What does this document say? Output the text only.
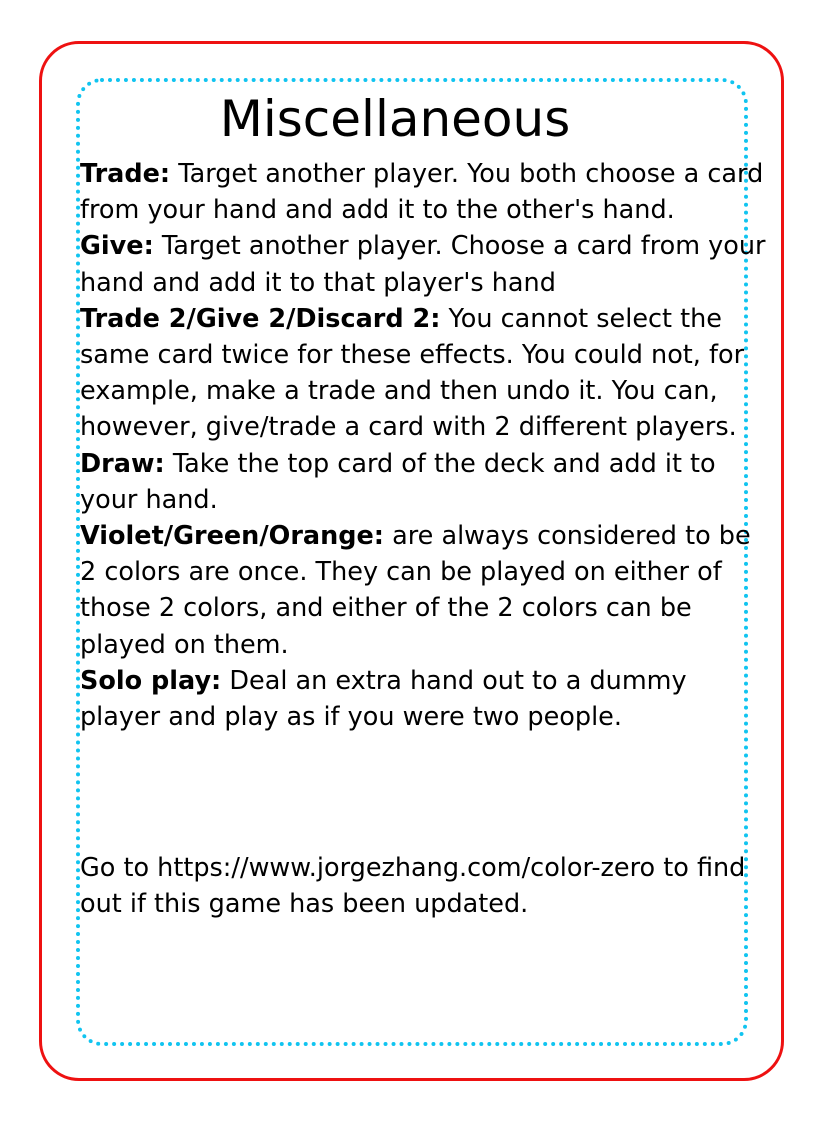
Miscellaneous

Trade: Target another player. You both choose a card from your hand and add it to the other's hand.

Give: Target another player. Choose a card from your hand and add it to that player's hand

Trade 2/Give 2/Discard 2: You cannot select the same card twice for these effects. You could not, for example, make a trade and then undo it. You can, however, give/trade a card with 2 different players.

Draw: Take the top card of the deck and add it to your hand.

Violet/Green/Orange: are always considered to be 2 colors are once. They can be played on either of those 2 colors, and either of the 2 colors can be played on them.

Solo play: Deal an extra hand out to a dummy player and play as if you were two people.

Go to https://www.jorgezhang.com/color-zero to find out if this game has been updated.
